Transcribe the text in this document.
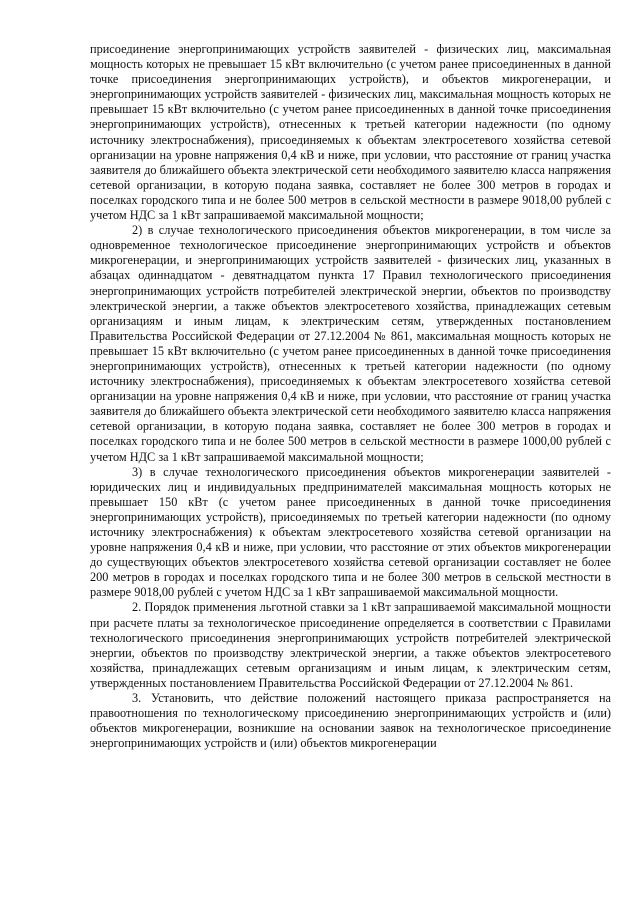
присоединение энергопринимающих устройств заявителей - физических лиц, максимальная мощность которых не превышает 15 кВт включительно (с учетом ранее присоединенных в данной точке присоединения энергопринимающих устройств), и объектов микрогенерации, и энергопринимающих устройств заявителей - физических лиц, максимальная мощность которых не превышает 15 кВт включительно (с учетом ранее присоединенных в данной точке присоединения энергопринимающих устройств), отнесенных к третьей категории надежности (по одному источнику электроснабжения), присоединяемых к объектам электросетевого хозяйства сетевой организации на уровне напряжения 0,4 кВ и ниже, при условии, что расстояние от границ участка заявителя до ближайшего объекта электрической сети необходимого заявителю класса напряжения сетевой организации, в которую подана заявка, составляет не более 300 метров в городах и поселках городского типа и не более 500 метров в сельской местности в размере 9018,00 рублей с учетом НДС за 1 кВт запрашиваемой максимальной мощности;

2) в случае технологического присоединения объектов микрогенерации, в том числе за одновременное технологическое присоединение энергопринимающих устройств и объектов микрогенерации, и энергопринимающих устройств заявителей - физических лиц, указанных в абзацах одиннадцатом - девятнадцатом пункта 17 Правил технологического присоединения энергопринимающих устройств потребителей электрической энергии, объектов по производству электрической энергии, а также объектов электросетевого хозяйства, принадлежащих сетевым организациям и иным лицам, к электрическим сетям, утвержденных постановлением Правительства Российской Федерации от 27.12.2004 № 861, максимальная мощность которых не превышает 15 кВт включительно (с учетом ранее присоединенных в данной точке присоединения энергопринимающих устройств), отнесенных к третьей категории надежности (по одному источнику электроснабжения), присоединяемых к объектам электросетевого хозяйства сетевой организации на уровне напряжения 0,4 кВ и ниже, при условии, что расстояние от границ участка заявителя до ближайшего объекта электрической сети необходимого заявителю класса напряжения сетевой организации, в которую подана заявка, составляет не более 300 метров в городах и поселках городского типа и не более 500 метров в сельской местности в размере 1000,00 рублей с учетом НДС за 1 кВт запрашиваемой максимальной мощности;

3) в случае технологического присоединения объектов микрогенерации заявителей - юридических лиц и индивидуальных предпринимателей максимальная мощность которых не превышает 150 кВт (с учетом ранее присоединенных в данной точке присоединения энергопринимающих устройств), присоединяемых по третьей категории надежности (по одному источнику электроснабжения) к объектам электросетевого хозяйства сетевой организации на уровне напряжения 0,4 кВ и ниже, при условии, что расстояние от этих объектов микрогенерации до существующих объектов электросетевого хозяйства сетевой организации составляет не более 200 метров в городах и поселках городского типа и не более 300 метров в сельской местности в размере 9018,00 рублей с учетом НДС за 1 кВт запрашиваемой максимальной мощности.

2. Порядок применения льготной ставки за 1 кВт запрашиваемой максимальной мощности при расчете платы за технологическое присоединение определяется в соответствии с Правилами технологического присоединения энергопринимающих устройств потребителей электрической энергии, объектов по производству электрической энергии, а также объектов электросетевого хозяйства, принадлежащих сетевым организациям и иным лицам, к электрическим сетям, утвержденных постановлением Правительства Российской Федерации от 27.12.2004 № 861.

3. Установить, что действие положений настоящего приказа распространяется на правоотношения по технологическому присоединению энергопринимающих устройств и (или) объектов микрогенерации, возникшие на основании заявок на технологическое присоединение энергопринимающих устройств и (или) объектов микрогенерации
